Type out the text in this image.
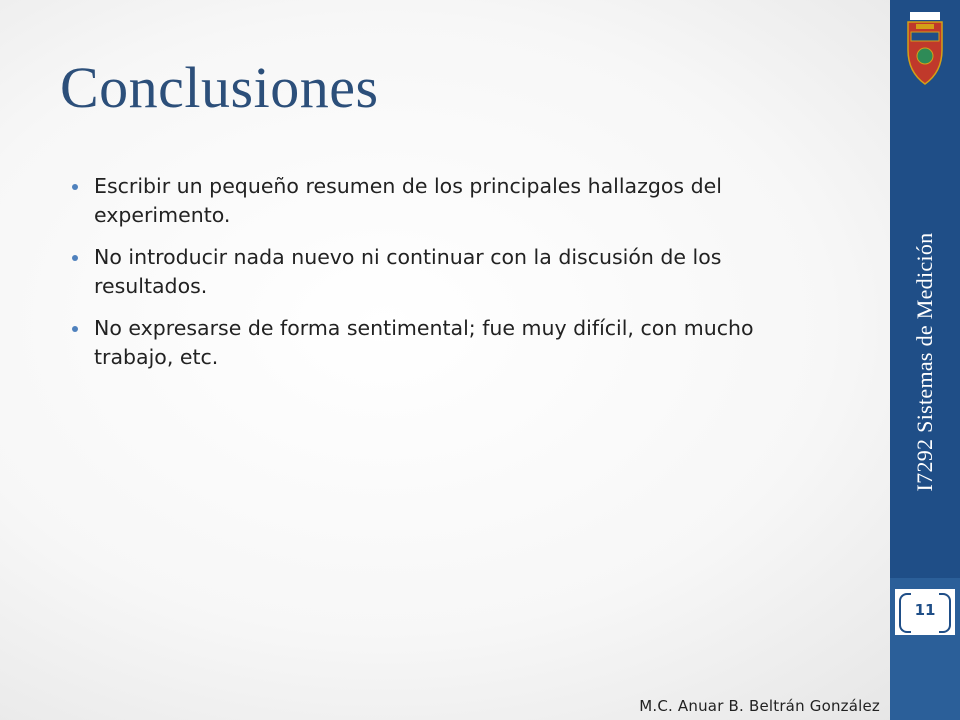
Conclusiones
Escribir un pequeño resumen de los principales hallazgos del experimento.
No introducir nada nuevo ni continuar con la discusión de los resultados.
No expresarse de forma sentimental; fue muy difícil, con mucho trabajo, etc.
M.C. Anuar B. Beltrán González
I7292 Sistemas de Medición
11
